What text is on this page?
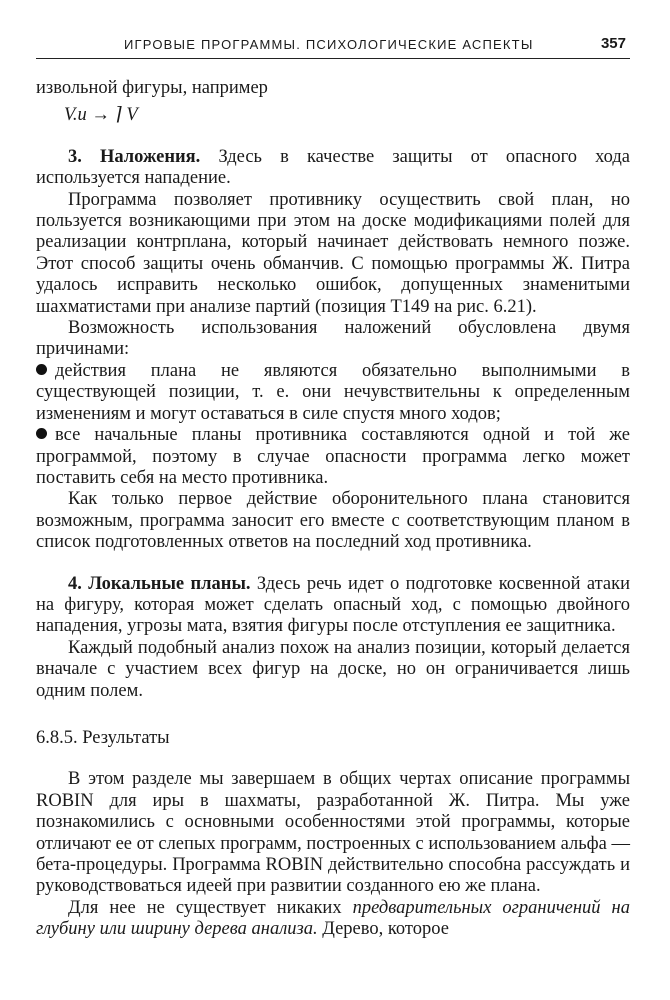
ИГРОВЫЕ ПРОГРАММЫ. ПСИХОЛОГИЧЕСКИЕ АСПЕКТЫ	357

извольной фигуры, например

V.u → ⌉ V

3. Наложения. Здесь в качестве защиты от опасного хода используется нападение.

Программа позволяет противнику осуществить свой план, но пользуется возникающими при этом на доске модификациями полей для реализации контрплана, который начинает действовать немного позже. Этот способ защиты очень обманчив. С помощью программы Ж. Питра удалось исправить несколько ошибок, допущенных знаменитыми шахматистами при анализе партий (позиция Т149 на рис. 6.21).

Возможность использования наложений обусловлена двумя причинами:

действия плана не являются обязательно выполнимыми в существующей позиции, т. е. они нечувствительны к определенным изменениям и могут оставаться в силе спустя много ходов;

все начальные планы противника составляются одной и той же программой, поэтому в случае опасности программа легко может поставить себя на место противника.

Как только первое действие оборонительного плана становится возможным, программа заносит его вместе с соответствующим планом в список подготовленных ответов на последний ход противника.

4. Локальные планы. Здесь речь идет о подготовке косвенной атаки на фигуру, которая может сделать опасный ход, с помощью двойного нападения, угрозы мата, взятия фигуры после отступления ее защитника.

Каждый подобный анализ похож на анализ позиции, который делается вначале с участием всех фигур на доске, но он ограничивается лишь одним полем.

6.8.5. Результаты

В этом разделе мы завершаем в общих чертах описание программы ROBIN для иры в шахматы, разработанной Ж. Питра. Мы уже познакомились с основными особенностями этой программы, которые отличают ее от слепых программ, построенных с использованием альфа — бета-процедуры. Программа ROBIN действительно способна рассуждать и руководствоваться идеей при развитии созданного ею же плана.

Для нее не существует никаких предварительных ограничений на глубину или ширину дерева анализа. Дерево, которое
